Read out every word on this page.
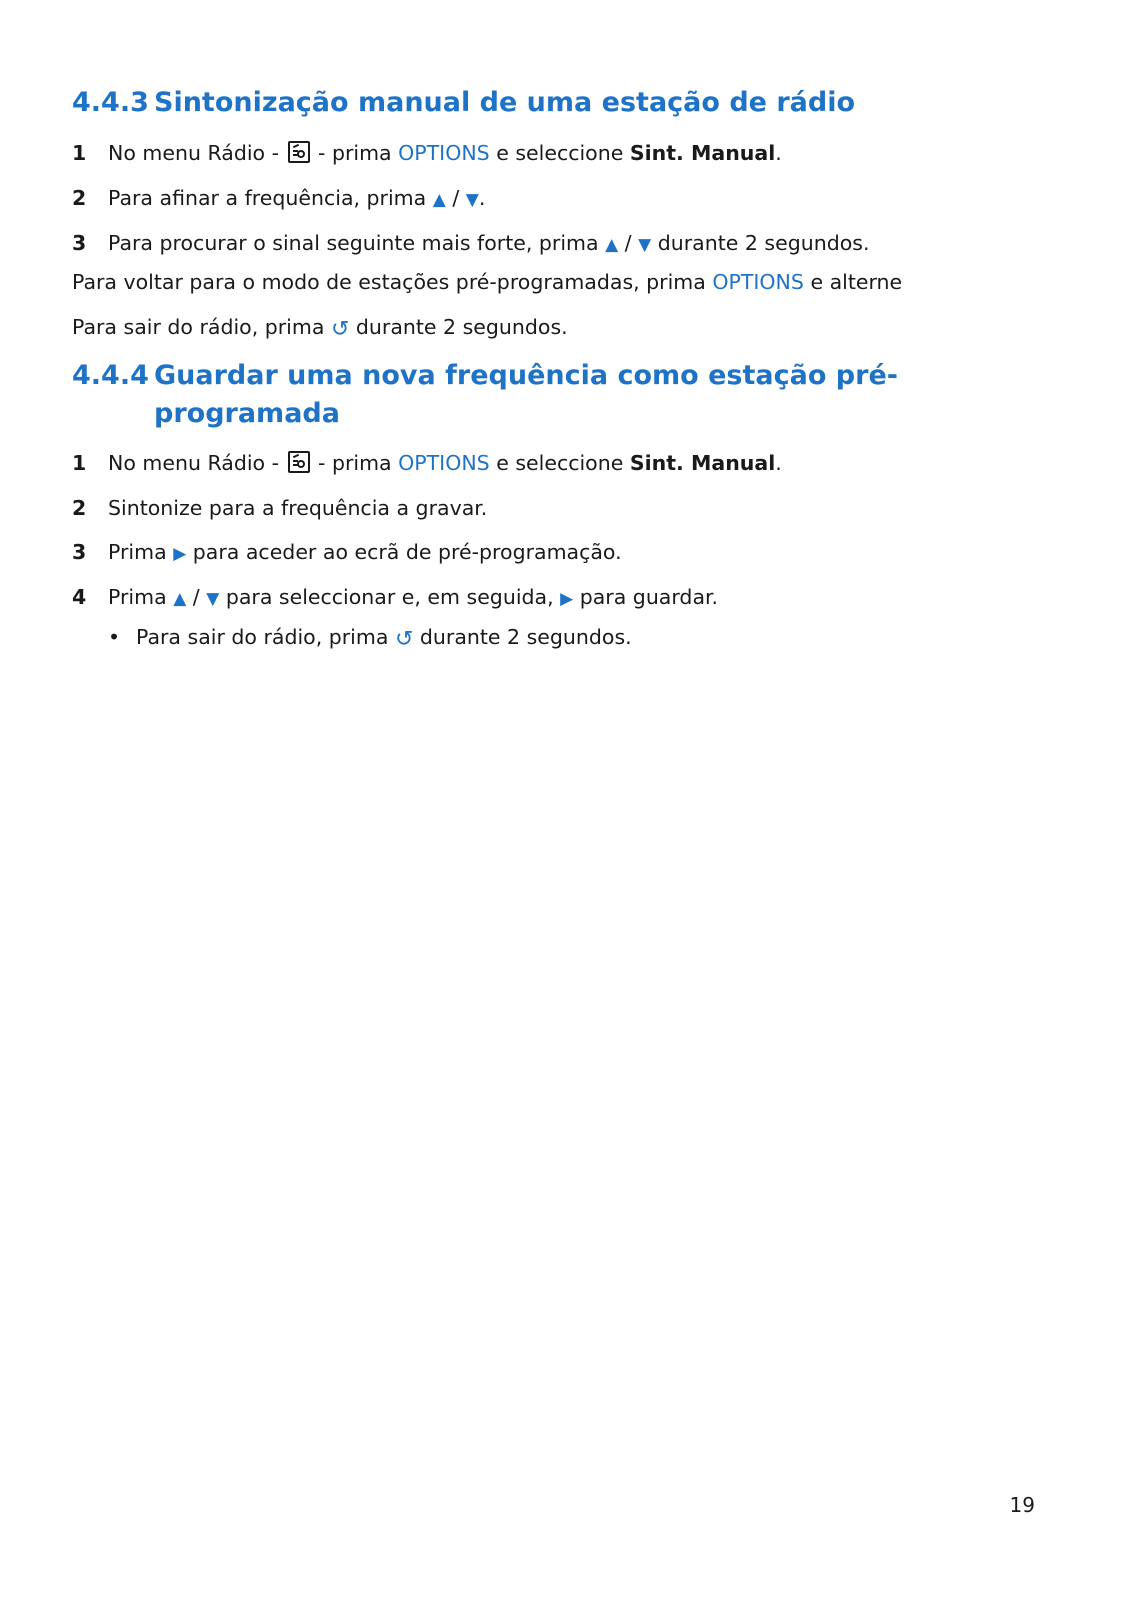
4.4.3 Sintonização manual de uma estação de rádio
1 No menu Rádio -
- prima OPTIONS e seleccione Sint. Manual.
2 Para afinar a frequência, prima ▲ / ▼.
3 Para procurar o sinal seguinte mais forte, prima ▲ / ▼ durante 2 segundos.
Para voltar para o modo de estações pré-programadas, prima OPTIONS e alterne
Para sair do rádio, prima ↺ durante 2 segundos.
4.4.4 Guardar uma nova frequência como estação pré-
programada
1 No menu Rádio -
- prima OPTIONS e seleccione Sint. Manual.
2 Sintonize para a frequência a gravar.
3 Prima ▶ para aceder ao ecrã de pré-programação.
4 Prima ▲ / ▼ para seleccionar e, em seguida, ▶ para guardar.
• Para sair do rádio, prima ↺ durante 2 segundos.
19
